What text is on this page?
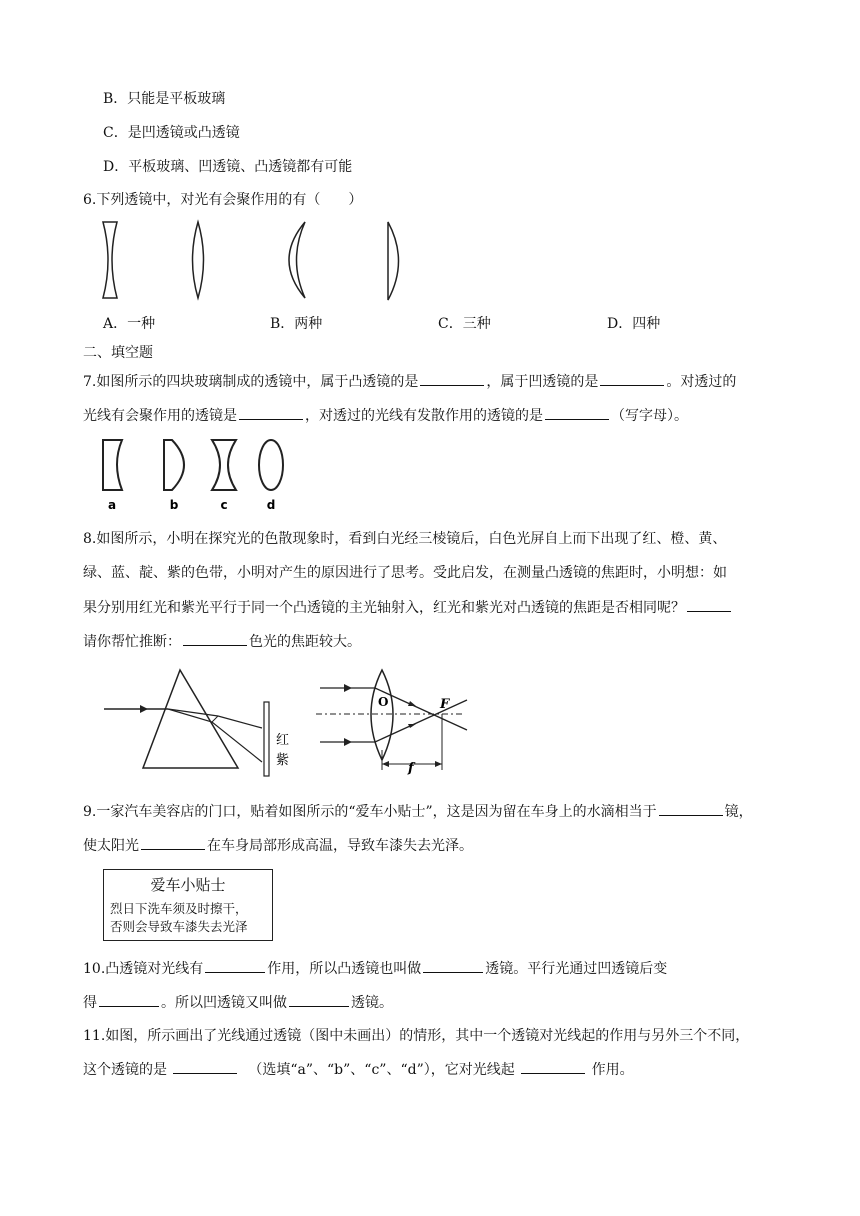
B．只能是平板玻璃
C．是凹透镜或凸透镜
D．平板玻璃、凹透镜、凸透镜都有可能
6.下列透镜中，对光有会聚作用的有（　　）
A．一种	B．两种	C．三种	D．四种
二、填空题
7.如图所示的四块玻璃制成的透镜中，属于凸透镜的是	，属于凹透镜的是	。对透过的
光线有会聚作用的透镜是	，对透过的光线有发散作用的透镜的是	（写字母）。
a	b	c	d
8.如图所示，小明在探究光的色散现象时，看到白光经三棱镜后，白色光屏自上而下出现了红、橙、黄、
绿、蓝、靛、紫的色带，小明对产生的原因进行了思考。受此启发，在测量凸透镜的焦距时，小明想：如
果分别用红光和紫光平行于同一个凸透镜的主光轴射入，红光和紫光对凸透镜的焦距是否相同呢？
请你帮忙推断：	色光的焦距较大。
红
紫
O	F
f
9.一家汽车美容店的门口，贴着如图所示的“爱车小贴士”，这是因为留在车身上的水滴相当于	镜，
使太阳光	在车身局部形成高温，导致车漆失去光泽。
爱车小贴士
烈日下洗车须及时擦干，
否则会导致车漆失去光泽
10.凸透镜对光线有	作用，所以凸透镜也叫做	透镜。平行光通过凹透镜后变
得	。所以凹透镜又叫做	透镜。
11.如图，所示画出了光线通过透镜（图中未画出）的情形，其中一个透镜对光线起的作用与另外三个不同，
这个透镜的是	（选填“a”、“b”、“c”、“d”），它对光线起	作用。
